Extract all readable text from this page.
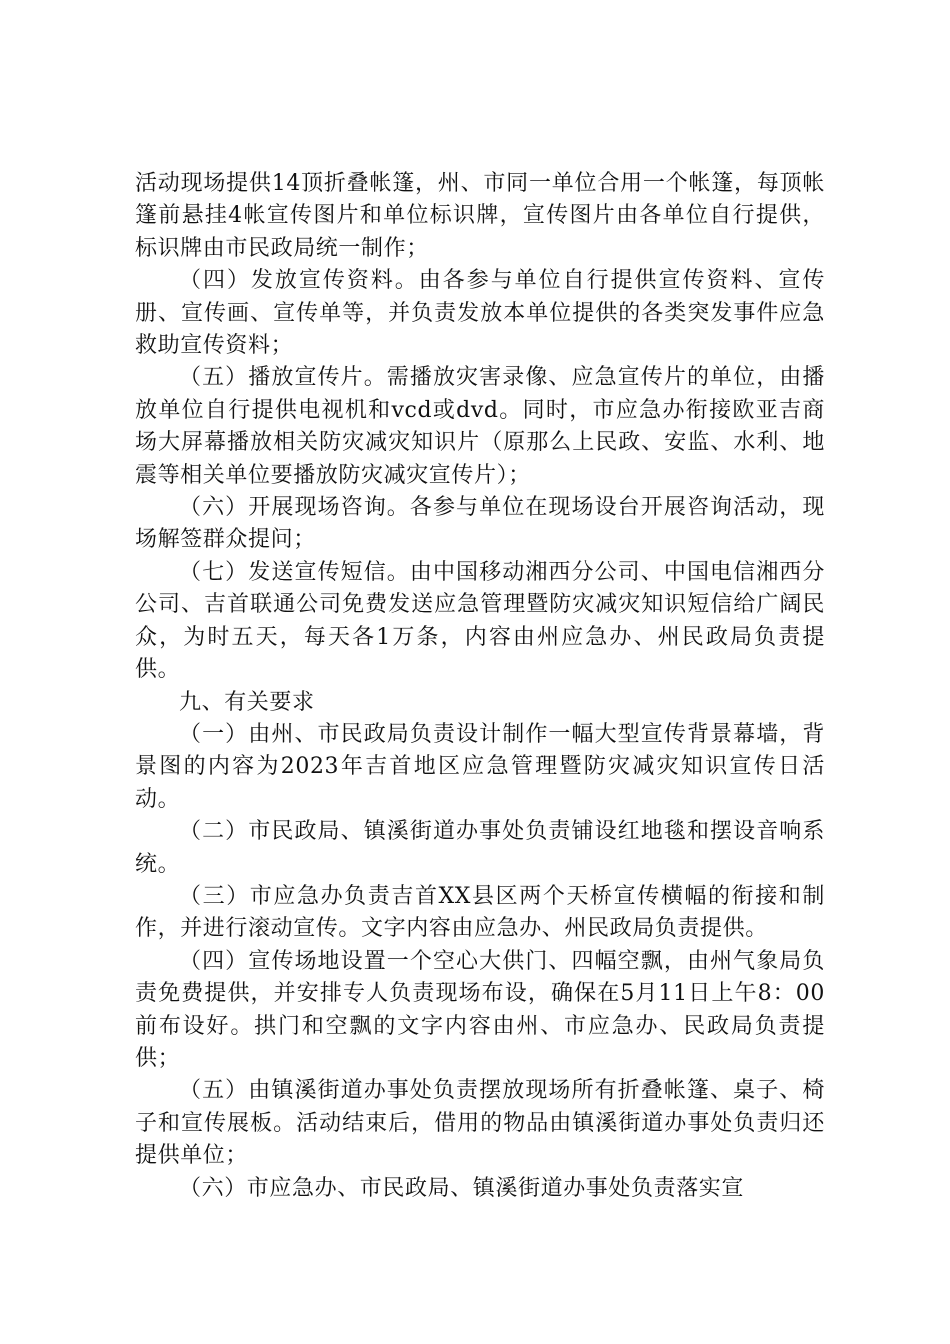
活动现场提供14顶折叠帐篷，州、市同一单位合用一个帐篷，每顶帐篷前悬挂4帐宣传图片和单位标识牌，宣传图片由各单位自行提供，标识牌由市民政局统一制作；

（四）发放宣传资料。由各参与单位自行提供宣传资料、宣传册、宣传画、宣传单等，并负责发放本单位提供的各类突发事件应急救助宣传资料；

（五）播放宣传片。需播放灾害录像、应急宣传片的单位，由播放单位自行提供电视机和vcd或dvd。同时，市应急办衔接欧亚吉商场大屏幕播放相关防灾减灾知识片（原那么上民政、安监、水利、地震等相关单位要播放防灾减灾宣传片）；

（六）开展现场咨询。各参与单位在现场设台开展咨询活动，现场解签群众提问；

（七）发送宣传短信。由中国移动湘西分公司、中国电信湘西分公司、吉首联通公司免费发送应急管理暨防灾减灾知识短信给广阔民众，为时五天，每天各1万条，内容由州应急办、州民政局负责提供。

九、有关要求

（一）由州、市民政局负责设计制作一幅大型宣传背景幕墙，背景图的内容为2023年吉首地区应急管理暨防灾减灾知识宣传日活动。

（二）市民政局、镇溪街道办事处负责铺设红地毯和摆设音响系统。

（三）市应急办负责吉首XX县区两个天桥宣传横幅的衔接和制作，并进行滚动宣传。文字内容由应急办、州民政局负责提供。

（四）宣传场地设置一个空心大供门、四幅空飘，由州气象局负责免费提供，并安排专人负责现场布设，确保在5月11日上午8：00前布设好。拱门和空飘的文字内容由州、市应急办、民政局负责提供；

（五）由镇溪街道办事处负责摆放现场所有折叠帐篷、桌子、椅子和宣传展板。活动结束后，借用的物品由镇溪街道办事处负责归还提供单位；

（六）市应急办、市民政局、镇溪街道办事处负责落实宣
